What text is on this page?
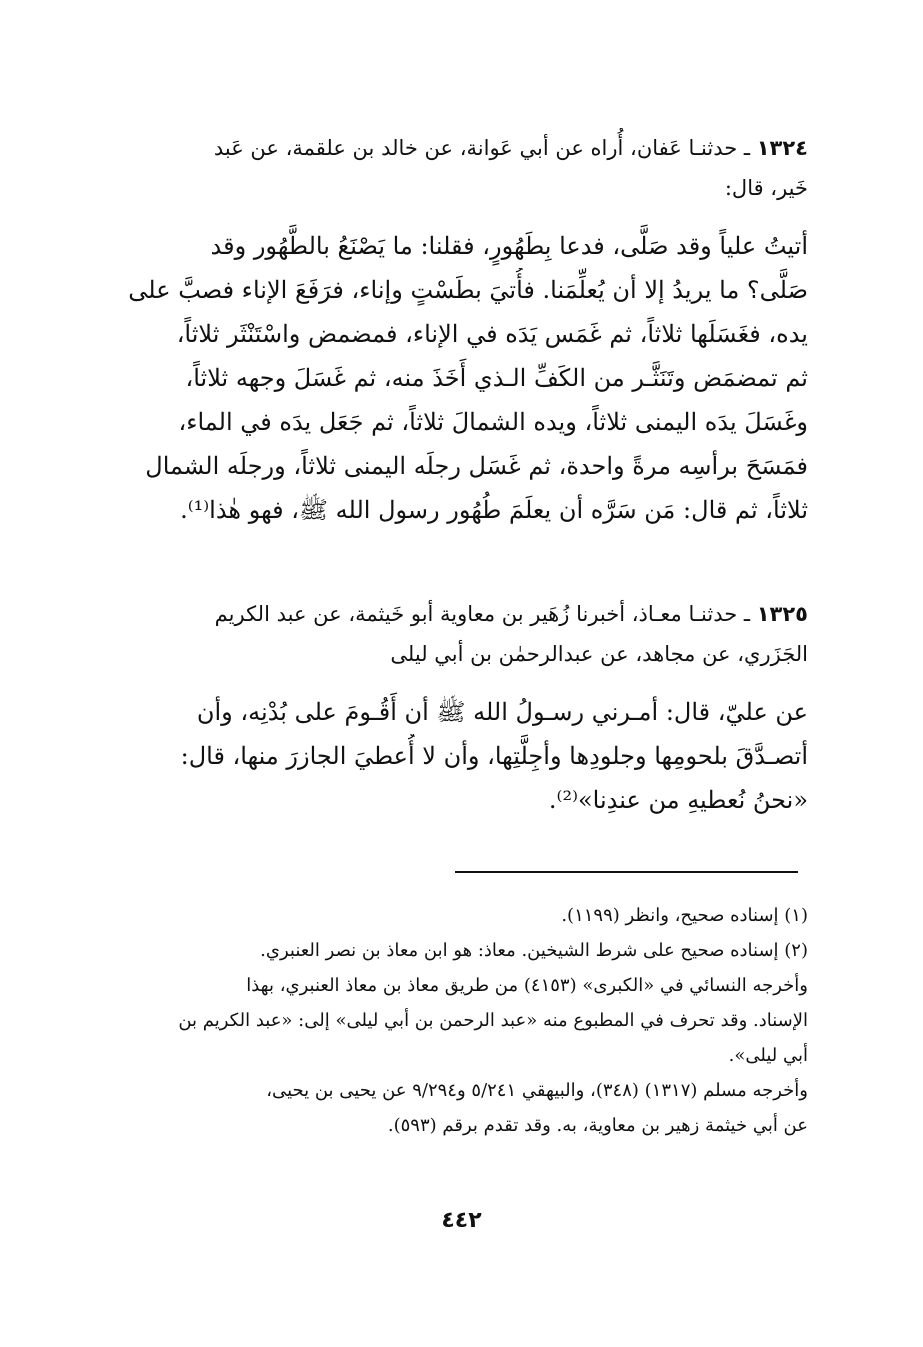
١٣٢٤ ـ حدثنـا عَفان، أُراه عن أبي عَوانة، عن خالد بن علقمة، عن عَبد
خَير، قال:
أتيتُ علياً وقد صَلَّى، فدعا بِطَهُورٍ، فقلنا: ما يَصْنَعُ بالطَّهُور وقد
صَلَّى؟ ما يريدُ إلا أن يُعلِّمَنا. فأُتيَ بطَسْتٍ وإناء، فرَفَعَ الإناء فصبَّ على
يده، فغَسَلَها ثلاثاً، ثم غَمَس يَدَه في الإناء، فمضمض واسْتَنْثَر ثلاثاً،
ثم تمضمَض وتَنَثَّـر من الكَفِّ الـذي أَخَذَ منه، ثم غَسَلَ وجهه ثلاثاً،
وغَسَلَ يدَه اليمنى ثلاثاً، ويده الشمالَ ثلاثاً، ثم جَعَل يدَه في الماء،
فمَسَحَ برأسِه مرةً واحدة، ثم غَسَل رجلَه اليمنى ثلاثاً، ورجلَه الشمال
ثلاثاً، ثم قال: مَن سَرَّه أن يعلَمَ طُهُور رسول الله ﷺ، فهو هٰذا⁽¹⁾.
١٣٢٥ ـ حدثنـا معـاذ، أخبرنا زُهَير بن معاوية أبو خَيثمة، عن عبد الكريم
الجَزَري، عن مجاهد، عن عبدالرحمٰن بن أبي ليلى
عن عليّ، قال: أمـرني رسـولُ الله ﷺ أن أَقُـومَ على بُدْنِه، وأن
أتصـدَّقَ بلحومِها وجلودِها وأجِلَّتِها، وأن لا أُعطيَ الجازرَ منها، قال:
«نحنُ نُعطيهِ من عندِنا»⁽²⁾.
(١) إسناده صحيح، وانظر (١١٩٩).
(٢) إسناده صحيح على شرط الشيخين. معاذ: هو ابن معاذ بن نصر العنبري.
وأخرجه النسائي في «الكبرى» (٤١٥٣) من طريق معاذ بن معاذ العنبري، بهذا
الإسناد. وقد تحرف في المطبوع منه «عبد الرحمن بن أبي ليلى» إلى: «عبد الكريم بن
أبي ليلى».
وأخرجه مسلم (١٣١٧) (٣٤٨)، والبيهقي ٥/٢٤١ و٩/٢٩٤ عن يحيى بن يحيى،
عن أبي خيثمة زهير بن معاوية، به. وقد تقدم برقم (٥٩٣).
٤٤٢
